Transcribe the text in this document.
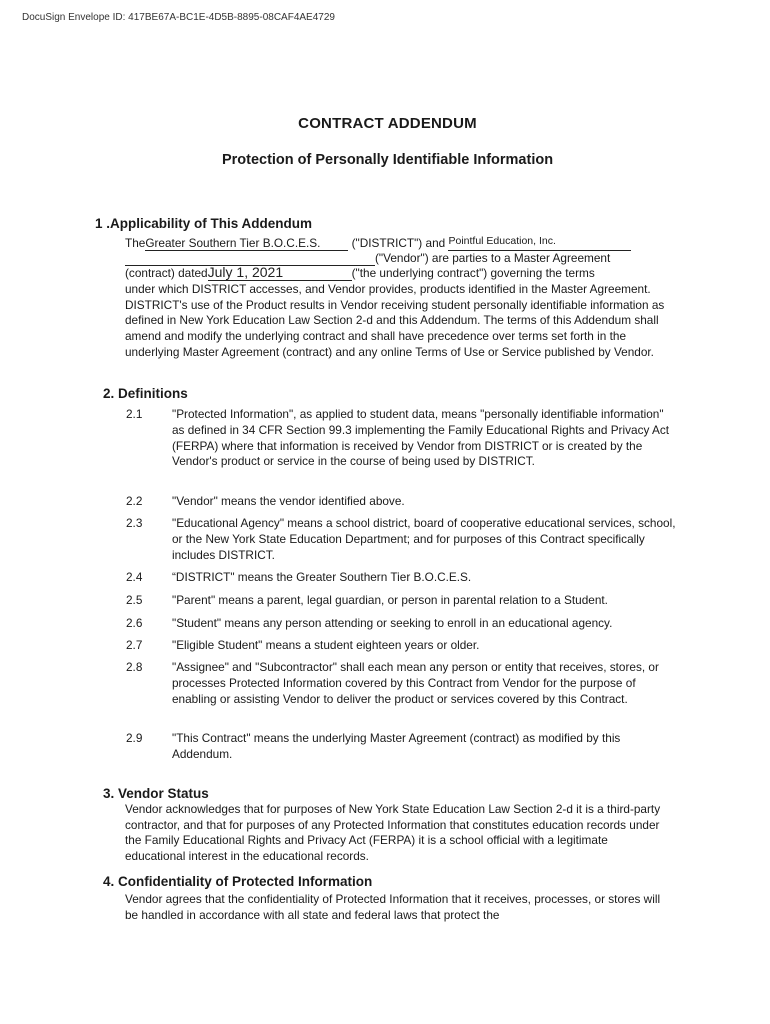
DocuSign Envelope ID: 417BE67A-BC1E-4D5B-8895-08CAF4AE4729
CONTRACT ADDENDUM
Protection of Personally Identifiable Information
1 .Applicability of This Addendum
TheGreater Southern Tier B.O.C.E.S.	("DISTRICT") and Pointful Education, Inc.
("Vendor") are parties to a Master Agreement
(contract) datedJuly 1, 2021	("the underlying contract") governing the terms
under which DISTRICT accesses, and Vendor provides, products identified in the Master Agreement. DISTRICT's use of the Product results in Vendor receiving student personally identifiable information as defined in New York Education Law Section 2-d and this Addendum. The terms of this Addendum shall amend and modify the underlying contract and shall have precedence over terms set forth in the underlying Master Agreement (contract) and any online Terms of Use or Service published by Vendor.
2. Definitions
2.1	"Protected Information", as applied to student data, means "personally identifiable information" as defined in 34 CFR Section 99.3 implementing the Family Educational Rights and Privacy Act (FERPA) where that information is received by Vendor from DISTRICT or is created by the Vendor's product or service in the course of being used by DISTRICT.
2.2	"Vendor" means the vendor identified above.
2.3	"Educational Agency" means a school district, board of cooperative educational services, school, or the New York State Education Department; and for purposes of this Contract specifically includes DISTRICT.
2.4	“DISTRICT" means the Greater Southern Tier B.O.C.E.S.
2.5	"Parent" means a parent, legal guardian, or person in parental relation to a Student.
2.6	"Student" means any person attending or seeking to enroll in an educational agency.
2.7	"Eligible Student" means a student eighteen years or older.
2.8	"Assignee" and "Subcontractor" shall each mean any person or entity that receives, stores, or processes Protected Information covered by this Contract from Vendor for the purpose of enabling or assisting Vendor to deliver the product or services covered by this Contract.
2.9	"This Contract" means the underlying Master Agreement (contract) as modified by this Addendum.
3. Vendor Status
Vendor acknowledges that for purposes of New York State Education Law Section 2-d it is a third-party contractor, and that for purposes of any Protected Information that constitutes education records under the Family Educational Rights and Privacy Act (FERPA) it is a school official with a legitimate educational interest in the educational records.
4. Confidentiality of Protected Information
Vendor agrees that the confidentiality of Protected Information that it receives, processes, or stores will be handled in accordance with all state and federal laws that protect the
